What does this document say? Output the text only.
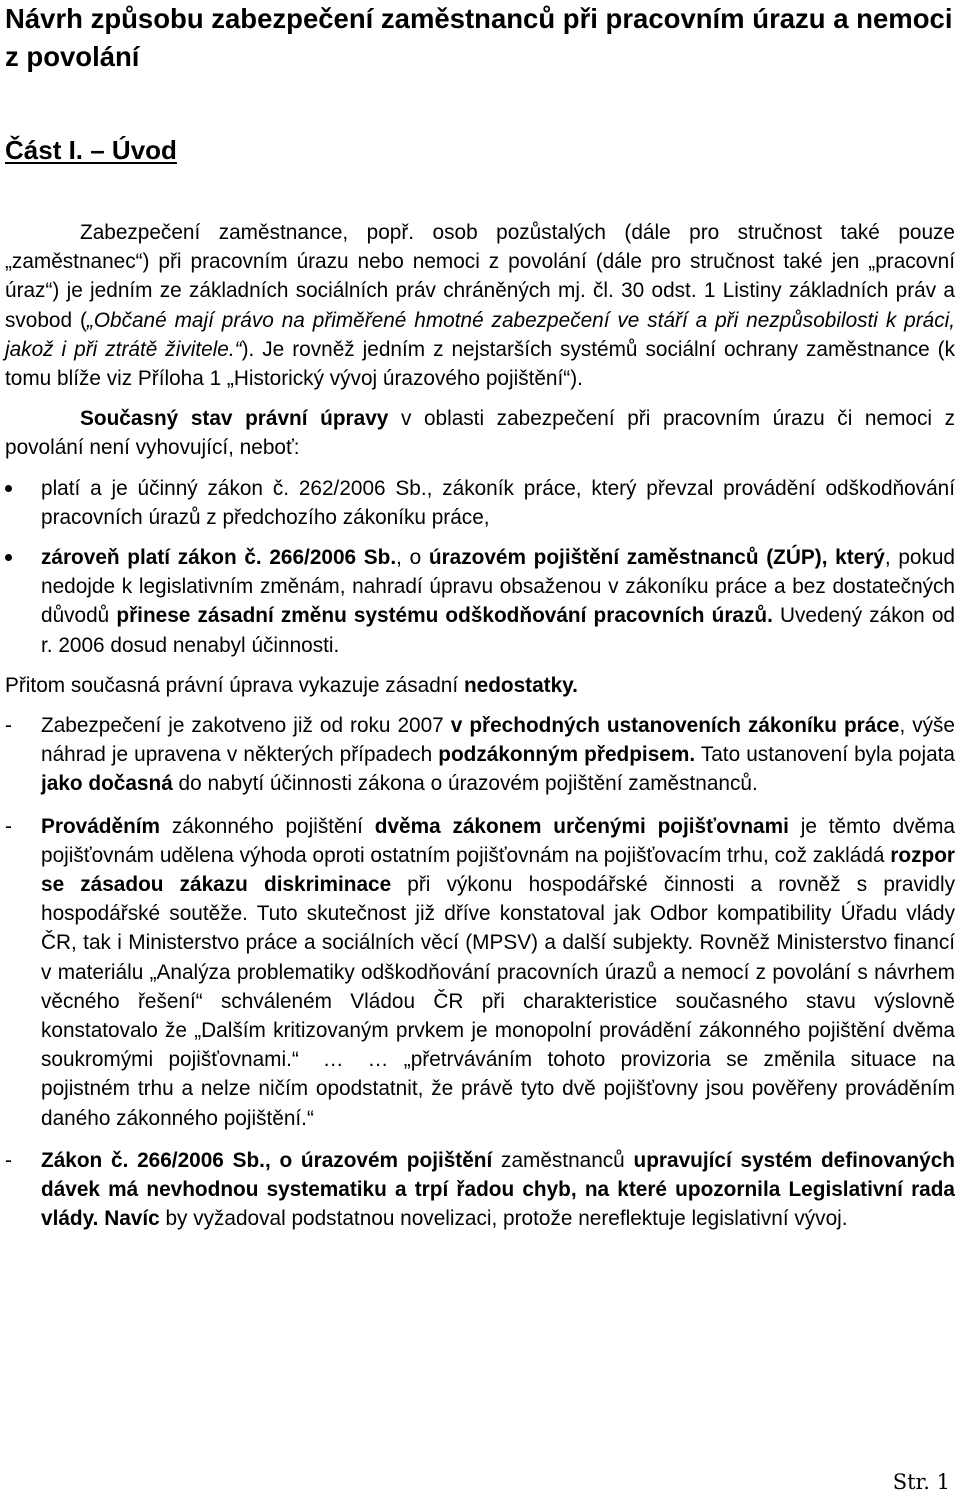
Návrh způsobu zabezpečení zaměstnanců při pracovním úrazu a nemoci z povolání
Část I. – Úvod

Zabezpečení zaměstnance, popř. osob pozůstalých (dále pro stručnost také pouze „zaměstnanec“) při pracovním úrazu nebo nemoci z povolání (dále pro stručnost také jen „pracovní úraz“) je jedním ze základních sociálních práv chráněných mj. čl. 30 odst. 1 Listiny základních práv a svobod („Občané mají právo na přiměřené hmotné zabezpečení ve stáří a při nezpůsobilosti k práci, jakož i při ztrátě živitele.“). Je rovněž jedním z nejstarších systémů sociální ochrany zaměstnance (k tomu blíže viz Příloha 1 „Historický vývoj úrazového pojištění“).

Současný stav právní úpravy v oblasti zabezpečení při pracovním úrazu či nemoci z povolání není vyhovující, neboť:

platí a je účinný zákon č. 262/2006 Sb., zákoník práce, který převzal provádění odškodňování pracovních úrazů z předchozího zákoníku práce,

zároveň platí zákon č. 266/2006 Sb., o úrazovém pojištění zaměstnanců (ZÚP), který, pokud nedojde k legislativním změnám, nahradí úpravu obsaženou v zákoníku práce a bez dostatečných důvodů přinese zásadní změnu systému odškodňování pracovních úrazů. Uvedený zákon od r. 2006 dosud nenabyl účinnosti.

Přitom současná právní úprava vykazuje zásadní nedostatky.

- Zabezpečení je zakotveno již od roku 2007 v přechodných ustanoveních zákoníku práce, výše náhrad je upravena v některých případech podzákonným předpisem. Tato ustanovení byla pojata jako dočasná do nabytí účinnosti zákona o úrazovém pojištění zaměstnanců.

- Prováděním zákonného pojištění dvěma zákonem určenými pojišťovnami je těmto dvěma pojišťovnám udělena výhoda oproti ostatním pojišťovnám na pojišťovacím trhu, což zakládá rozpor se zásadou zákazu diskriminace při výkonu hospodářské činnosti a rovněž s pravidly hospodářské soutěže. Tuto skutečnost již dříve konstatoval jak Odbor kompatibility Úřadu vlády ČR, tak i Ministerstvo práce a sociálních věcí (MPSV) a další subjekty. Rovněž Ministerstvo financí v materiálu „Analýza problematiky odškodňování pracovních úrazů a nemocí z povolání s návrhem věcného řešení“ schváleném Vládou ČR při charakteristice současného stavu výslovně konstatovalo že „Dalším kritizovaným prvkem je monopolní provádění zákonného pojištění dvěma soukromými pojišťovnami.“ … … „přetrváváním tohoto provizoria se změnila situace na pojistném trhu a nelze ničím opodstatnit, že právě tyto dvě pojišťovny jsou pověřeny prováděním daného zákonného pojištění.“

- Zákon č. 266/2006 Sb., o úrazovém pojištění zaměstnanců upravující systém definovaných dávek má nevhodnou systematiku a trpí řadou chyb, na které upozornila Legislativní rada vlády. Navíc by vyžadoval podstatnou novelizaci, protože nereflektuje legislativní vývoj.

Str. 1
